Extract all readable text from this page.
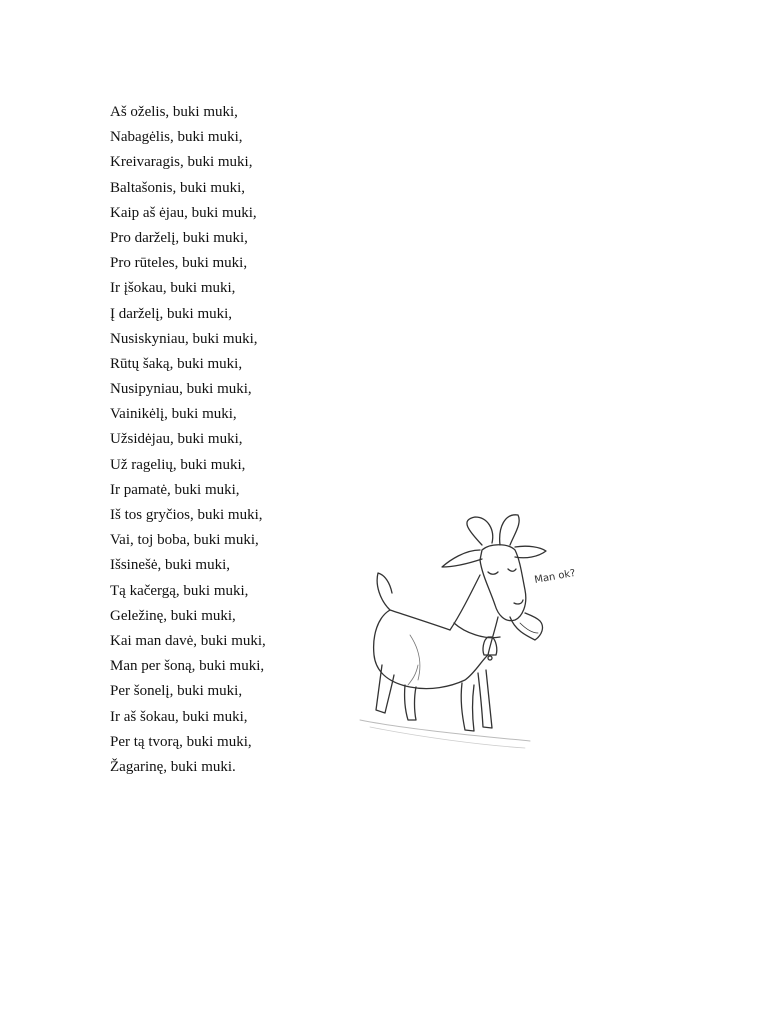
Aš oželis, buki muki,
Nabagėlis, buki muki,
Kreivaragis, buki muki,
Baltašonis, buki muki,
Kaip aš ėjau, buki muki,
Pro darželį, buki muki,
Pro rūteles, buki muki,
Ir įšokau, buki muki,
Į darželį, buki muki,
Nusiskyniau, buki muki,
Rūtų šaką, buki muki,
Nusipyniau, buki muki,
Vainikėlį, buki muki,
Užsidėjau, buki muki,
Už ragelių, buki muki,
Ir pamatė, buki muki,
Iš tos gryčios, buki muki,
Vai, toj boba, buki muki,
Išsinešė, buki muki,
Tą kačergą, buki muki,
Geležinę, buki muki,
Kai man davė, buki muki,
Man per šoną, buki muki,
Per šonelį, buki muki,
Ir aš šokau, buki muki,
Per tą tvorą, buki muki,
Žagarinę, buki muki.
Man ok?
